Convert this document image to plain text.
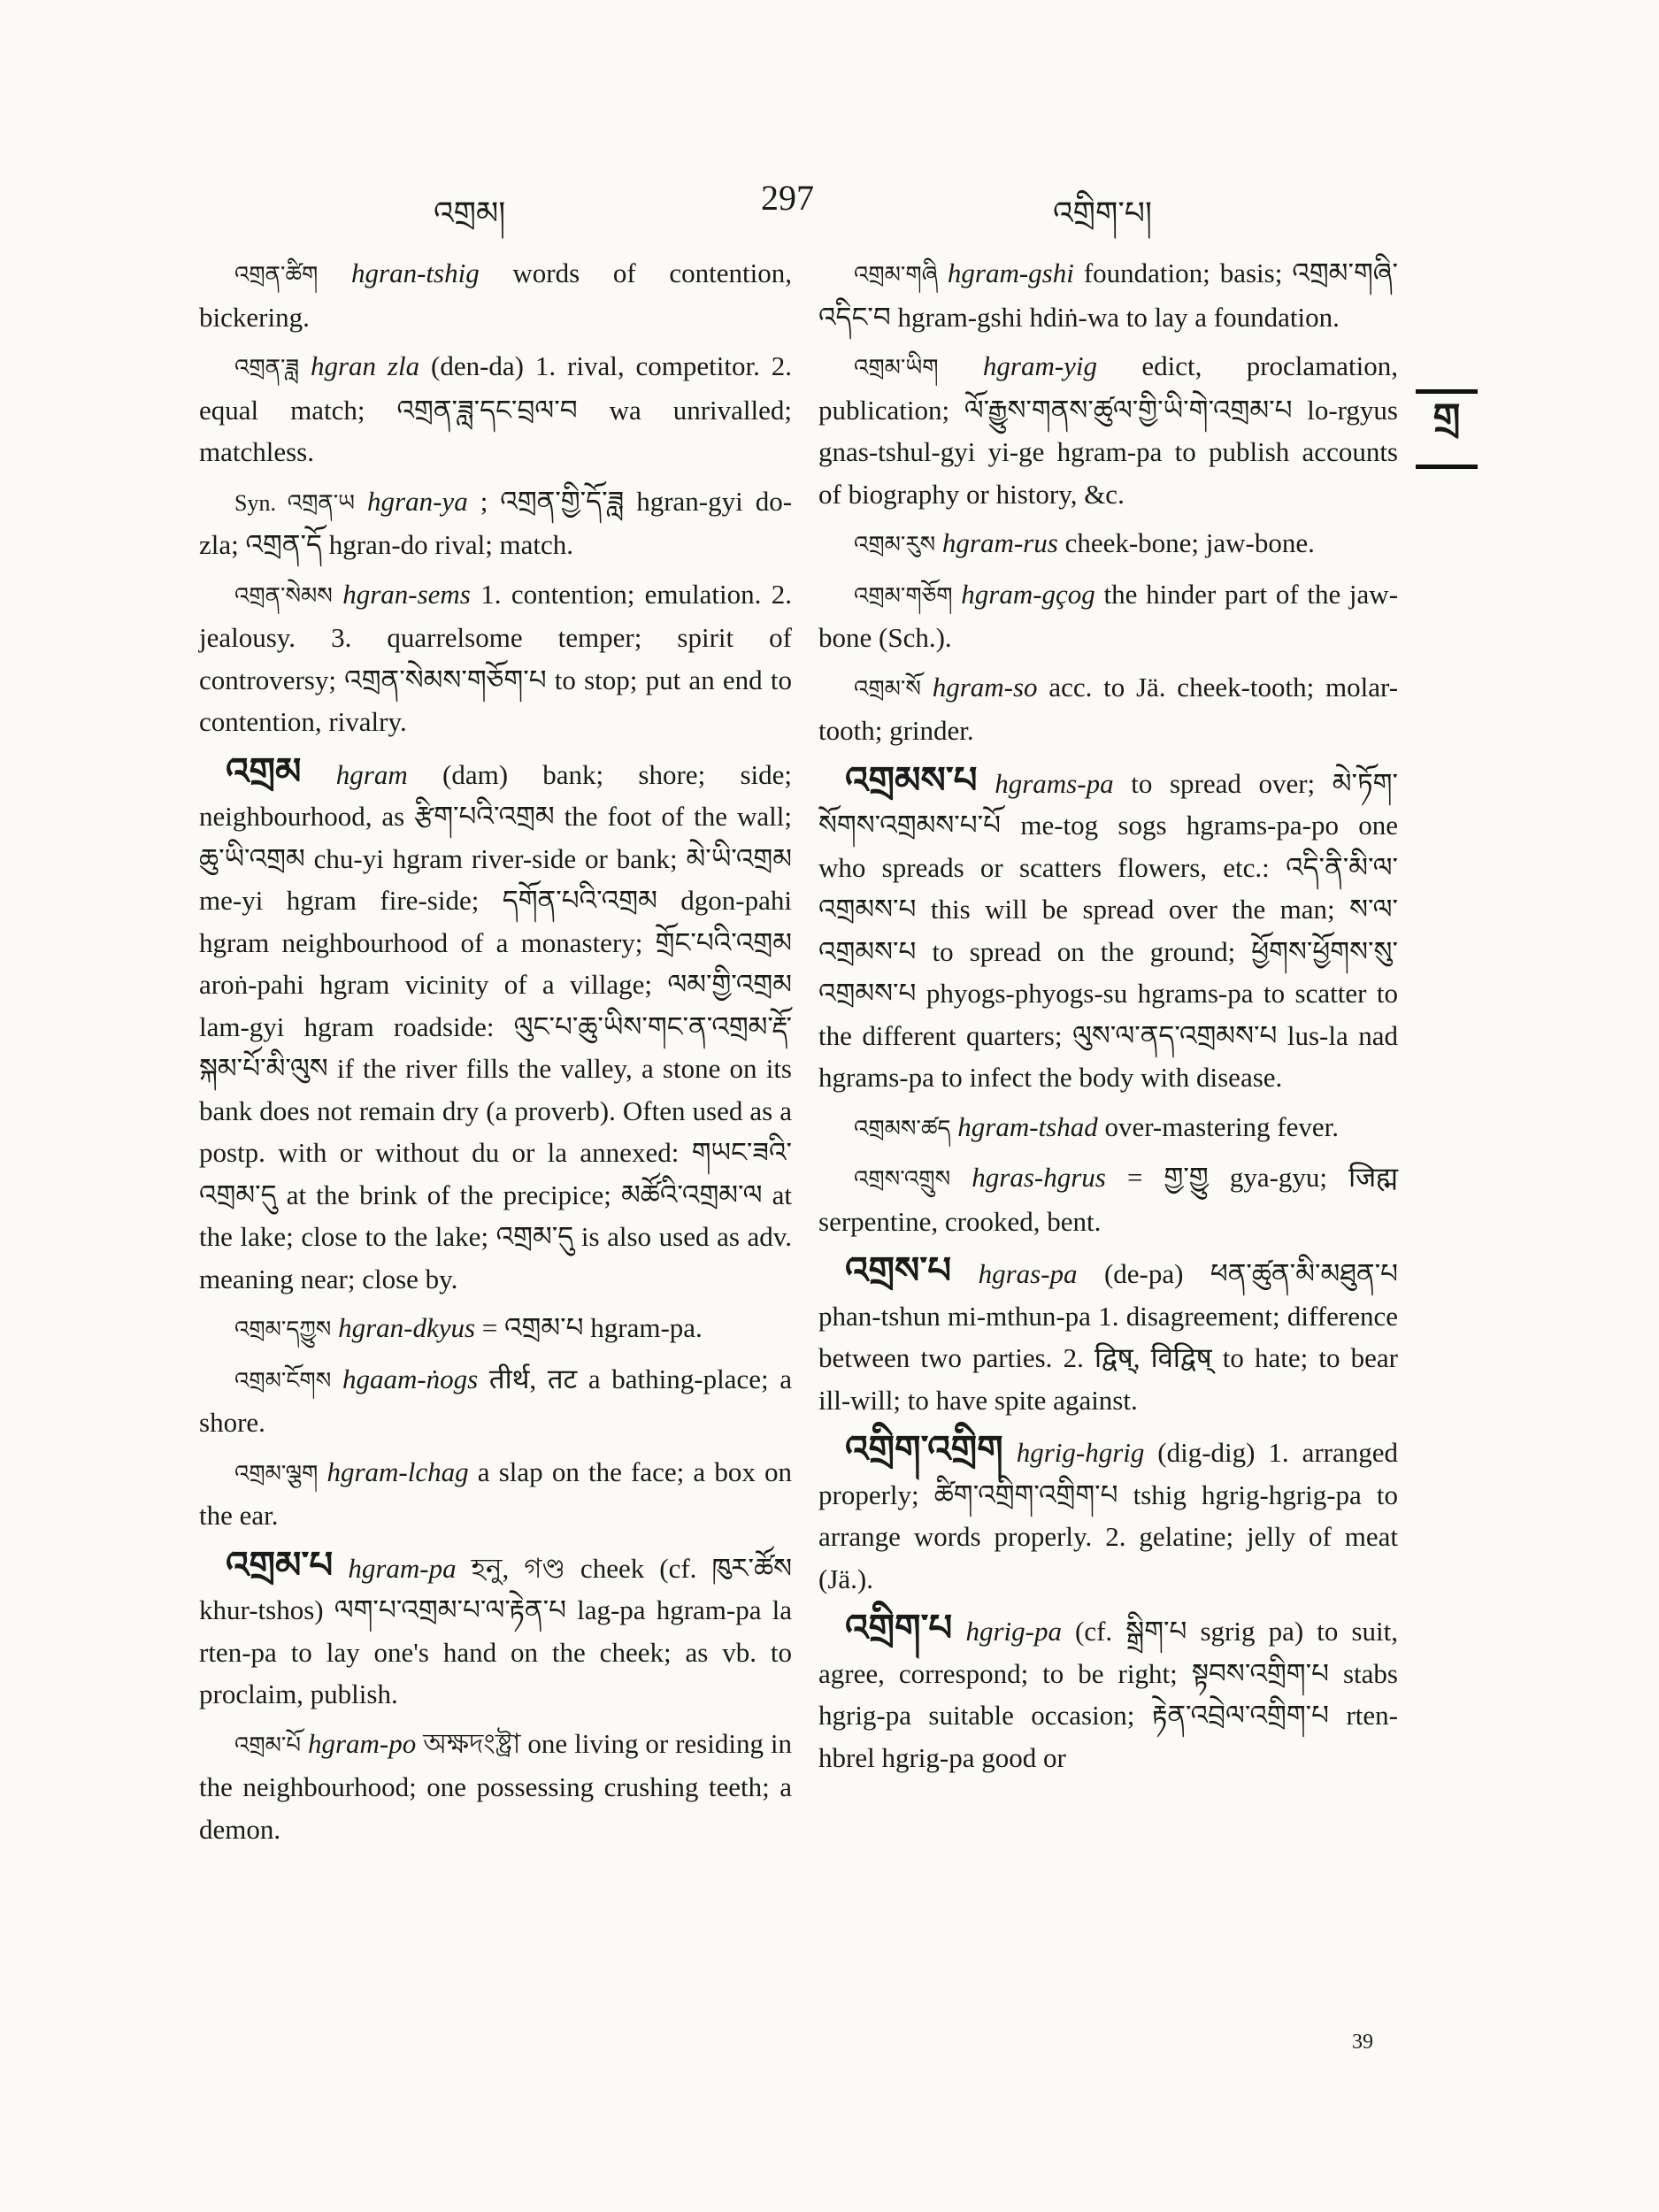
འགྲམ།	297	འགྲིག་པ།
གྲ

འགྲན་ཚིག hgran-tshig words of contention, bickering.

འགྲན་ཟླ hgran zla (den-da) 1. rival, competitor. 2. equal match; འགྲན་ཟླ་དང་བྲལ་བ wa unrivalled; matchless.

Syn. འགྲན་ཡ hgran-ya ; འགྲན་གྱི་དོ་ཟླ hgran-gyi do-zla; འགྲན་དོ hgran-do rival; match.

འགྲན་སེམས hgran-sems 1. contention; emulation. 2. jealousy. 3. quarrelsome temper; spirit of controversy; འགྲན་སེམས་གཅོག་པ to stop; put an end to contention, rivalry.

འགྲམ hgram (dam) bank; shore; side; neighbourhood, as རྩིག་པའི་འགྲམ the foot of the wall; ཆུ་ཡི་འགྲམ chu-yi hgram river-side or bank; མེ་ཡི་འགྲམ me-yi hgram fire-side; དགོན་པའི་འགྲམ dgon-pahi hgram neighbourhood of a monastery; གྲོང་པའི་འགྲམ aroṅ-pahi hgram vicinity of a village; ལམ་གྱི་འགྲམ lam-gyi hgram roadside: ལུང་པ་ཆུ་ཡིས་གང་ན་འགྲམ་རྡོ་སྐམ་པོ་མི་ལུས if the river fills the valley, a stone on its bank does not remain dry (a proverb). Often used as a postp. with or without du or la annexed: གཡང་ཟའི་འགྲམ་དུ at the brink of the precipice; མཚོའི་འགྲམ་ལ at the lake; close to the lake; འགྲམ་དུ is also used as adv. meaning near; close by.

འགྲམ་དཀྱུས hgran-dkyus = འགྲམ་པ hgram-pa.

འགྲམ་ངོགས hgaam-ṅogs तीर्थ, तट a bathing-place; a shore.

འགྲམ་ལྕག hgram-lchag a slap on the face; a box on the ear.

འགྲམ་པ hgram-pa হনু, গণ্ড cheek (cf. ཁུར་ཚོས khur-tshos) ལག་པ་འགྲམ་པ་ལ་རྟེན་པ lag-pa hgram-pa la rten-pa to lay one's hand on the cheek; as vb. to proclaim, publish.

འགྲམ་པོ hgram-po অক্ষদংষ্ট্রা one living or residing in the neighbourhood; one possessing crushing teeth; a demon.

འགྲམ་གཞི hgram-gshi foundation; basis; འགྲམ་གཞི་འདིང་བ hgram-gshi hdiṅ-wa to lay a foundation.

འགྲམ་ཡིག hgram-yig edict, proclamation, publication; ལོ་རྒྱུས་གནས་ཚུལ་གྱི་ཡི་གེ་འགྲམ་པ lo-rgyus gnas-tshul-gyi yi-ge hgram-pa to publish accounts of biography or history, &c.

འགྲམ་རུས hgram-rus cheek-bone; jaw-bone.

འགྲམ་གཅོག hgram-gçog the hinder part of the jaw-bone (Sch.).

འགྲམ་སོ hgram-so acc. to Jä. cheek-tooth; molar-tooth; grinder.

འགྲམས་པ hgrams-pa to spread over; མེ་ཏོག་སོགས་འགྲམས་པ་པོ me-tog sogs hgrams-pa-po one who spreads or scatters flowers, etc.: འདི་ནི་མི་ལ་འགྲམས་པ this will be spread over the man; ས་ལ་འགྲམས་པ to spread on the ground; ཕྱོགས་ཕྱོགས་སུ་འགྲམས་པ phyogs-phyogs-su hgrams-pa to scatter to the different quarters; ལུས་ལ་ནད་འགྲམས་པ lus-la nad hgrams-pa to infect the body with disease.

འགྲམས་ཚད hgram-tshad over-mastering fever.

འགྲས་འགྲུས hgras-hgrus = གྱ་གྱུ gya-gyu; जिह्म serpentine, crooked, bent.

འགྲས་པ hgras-pa (de-pa) ཕན་ཚུན་མི་མཐུན་པ phan-tshun mi-mthun-pa 1. disagreement; difference between two parties. 2. द्विष्, विद्विष् to hate; to bear ill-will; to have spite against.

འགྲིག་འགྲིག hgrig-hgrig (dig-dig) 1. arranged properly; ཚིག་འགྲིག་འགྲིག་པ tshig hgrig-hgrig-pa to arrange words properly. 2. gelatine; jelly of meat (Jä.).

འགྲིག་པ hgrig-pa (cf. སྒྲིག་པ sgrig pa) to suit, agree, correspond; to be right; སྟབས་འགྲིག་པ stabs hgrig-pa suitable occasion; རྟེན་འབྲེལ་འགྲིག་པ rten-hbrel hgrig-pa good or

39
